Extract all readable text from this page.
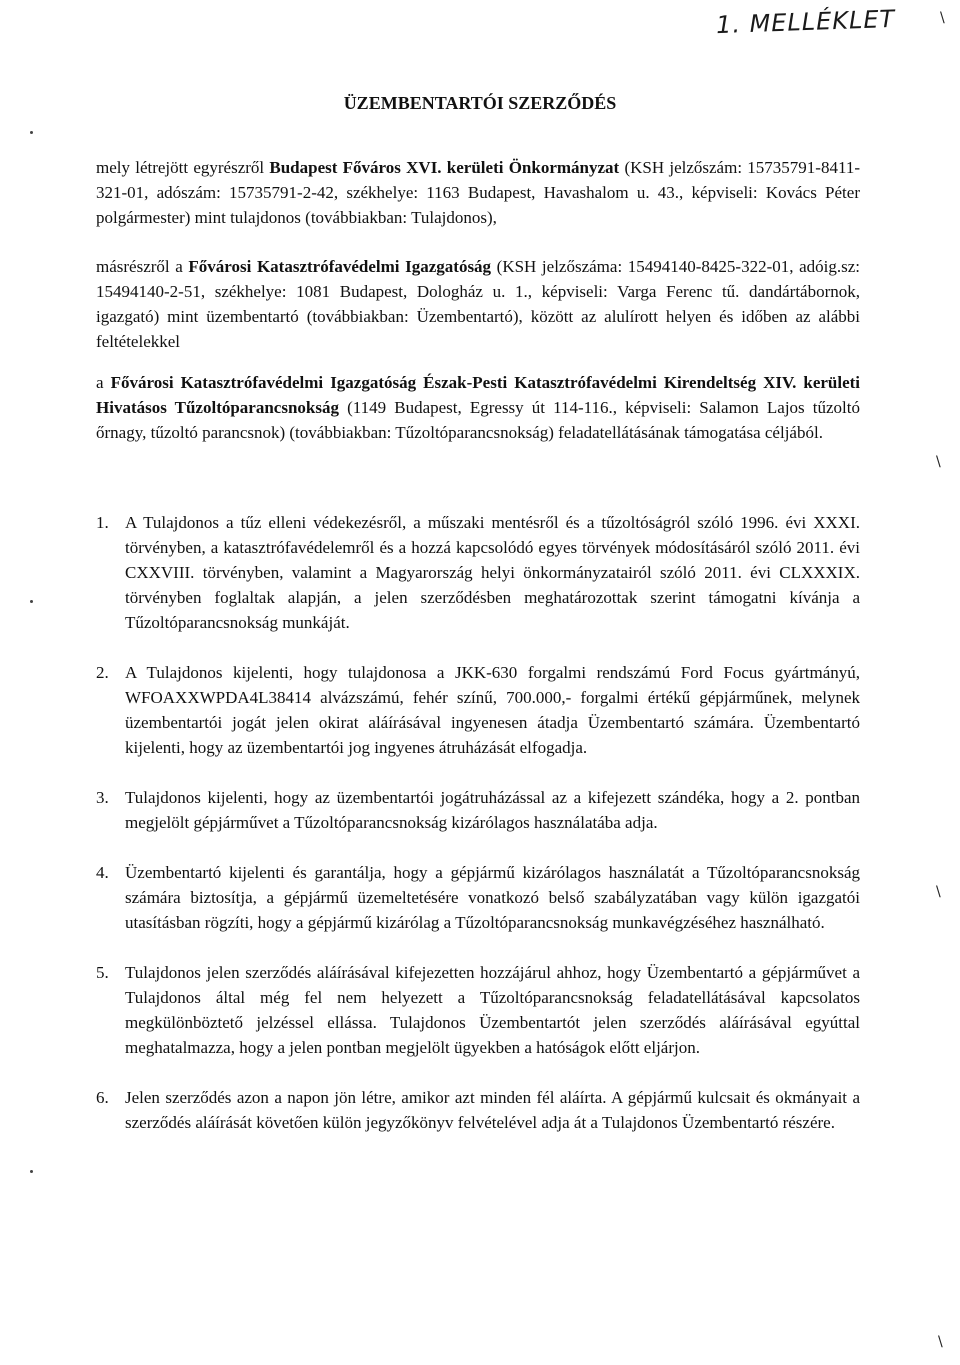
1. MELLÉKLET
ÜZEMBENTARTÓI SZERZŐDÉS
mely létrejött egyrészről Budapest Főváros XVI. kerületi Önkormányzat (KSH jelzőszám: 15735791-8411-321-01, adószám: 15735791-2-42, székhelye: 1163 Budapest, Havashalom u. 43., képviseli: Kovács Péter polgármester) mint tulajdonos (továbbiakban: Tulajdonos),
másrészről a Fővárosi Katasztrófavédelmi Igazgatóság (KSH jelzőszáma: 15494140-8425-322-01, adóig.sz: 15494140-2-51, székhelye: 1081 Budapest, Dologház u. 1., képviseli: Varga Ferenc tű. dandártábornok, igazgató) mint üzembentartó (továbbiakban: Üzembentartó), között az alulírott helyen és időben az alábbi feltételekkel
a Fővárosi Katasztrófavédelmi Igazgatóság Észak-Pesti Katasztrófavédelmi Kirendeltség XIV. kerületi Hivatásos Tűzoltóparancsnokság (1149 Budapest, Egressy út 114-116., képviseli: Salamon Lajos tűzoltó őrnagy, tűzoltó parancsnok) (továbbiakban: Tűzoltóparancsnokság) feladatellátásának támogatása céljából.
1. A Tulajdonos a tűz elleni védekezésről, a műszaki mentésről és a tűzoltóságról szóló 1996. évi XXXI. törvényben, a katasztrófavédelemről és a hozzá kapcsolódó egyes törvények módosításáról szóló 2011. évi CXXVIII. törvényben, valamint a Magyarország helyi önkormányzatairól szóló 2011. évi CLXXXIX. törvényben foglaltak alapján, a jelen szerződésben meghatározottak szerint támogatni kívánja a Tűzoltóparancsnokság munkáját.
2. A Tulajdonos kijelenti, hogy tulajdonosa a JKK-630 forgalmi rendszámú Ford Focus gyártmányú, WFOAXXWPDA4L38414 alvázszámú, fehér színű, 700.000,- forgalmi értékű gépjárműnek, melynek üzembentartói jogát jelen okirat aláírásával ingyenesen átadja Üzembentartó számára. Üzembentartó kijelenti, hogy az üzembentartói jog ingyenes átruházását elfogadja.
3. Tulajdonos kijelenti, hogy az üzembentartói jogátruházással az a kifejezett szándéka, hogy a 2. pontban megjelölt gépjárművet a Tűzoltóparancsnokság kizárólagos használatába adja.
4. Üzembentartó kijelenti és garantálja, hogy a gépjármű kizárólagos használatát a Tűzoltóparancsnokság számára biztosítja, a gépjármű üzemeltetésére vonatkozó belső szabályzatában vagy külön igazgatói utasításban rögzíti, hogy a gépjármű kizárólag a Tűzoltóparancsnokság munkavégzéséhez használható.
5. Tulajdonos jelen szerződés aláírásával kifejezetten hozzájárul ahhoz, hogy Üzembentartó a gépjárművet a Tulajdonos által még fel nem helyezett a Tűzoltóparancsnokság feladatellátásával kapcsolatos megkülönböztető jelzéssel ellássa. Tulajdonos Üzembentartót jelen szerződés aláírásával egyúttal meghatalmazza, hogy a jelen pontban megjelölt ügyekben a hatóságok előtt eljárjon.
6. Jelen szerződés azon a napon jön létre, amikor azt minden fél aláírta. A gépjármű kulcsait és okmányait a szerződés aláírását követően külön jegyzőkönyv felvételével adja át a Tulajdonos Üzembentartó részére.
\
\
\
\
